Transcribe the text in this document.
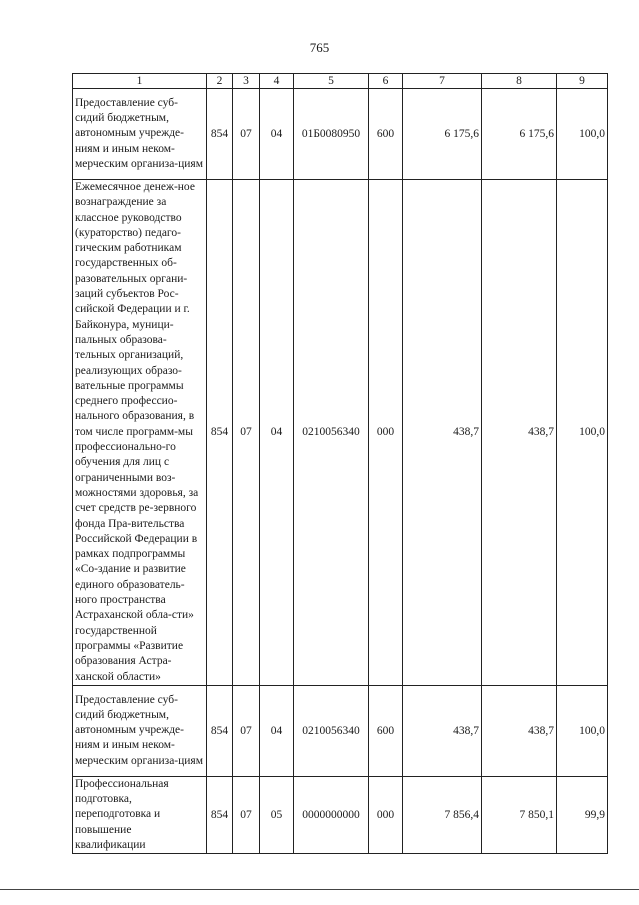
765
1	2	3	4	5	6	7	8	9
Предоставление суб-сидий бюджетным, автономным учрежде-ниям и иным неком-мерческим организа-циям	854	07	04	01Б0080950	600	6 175,6	6 175,6	100,0
Ежемесячное денеж-ное вознаграждение за классное руководство (кураторство) педаго-гическим работникам государственных об-разовательных органи-заций субъектов Рос-сийской Федерации и г. Байконура, муници-пальных образова-тельных организаций, реализующих образо-вательные программы среднего профессио-нального образования, в том числе программ-мы профессионально-го обучения для лиц с ограниченными воз-можностями здоровья, за счет средств ре-зервного фонда Пра-вительства Российской Федерации в рамках подпрограммы «Со-здание и развитие единого образователь-ного пространства Астраханской обла-сти» государственной программы «Развитие образования Астра-ханской области»	854	07	04	0210056340	000	438,7	438,7	100,0
Предоставление суб-сидий бюджетным, автономным учрежде-ниям и иным неком-мерческим организа-циям	854	07	04	0210056340	600	438,7	438,7	100,0
Профессиональная подготовка, переподготовка и повышение квалификации	854	07	05	0000000000	000	7 856,4	7 850,1	99,9
